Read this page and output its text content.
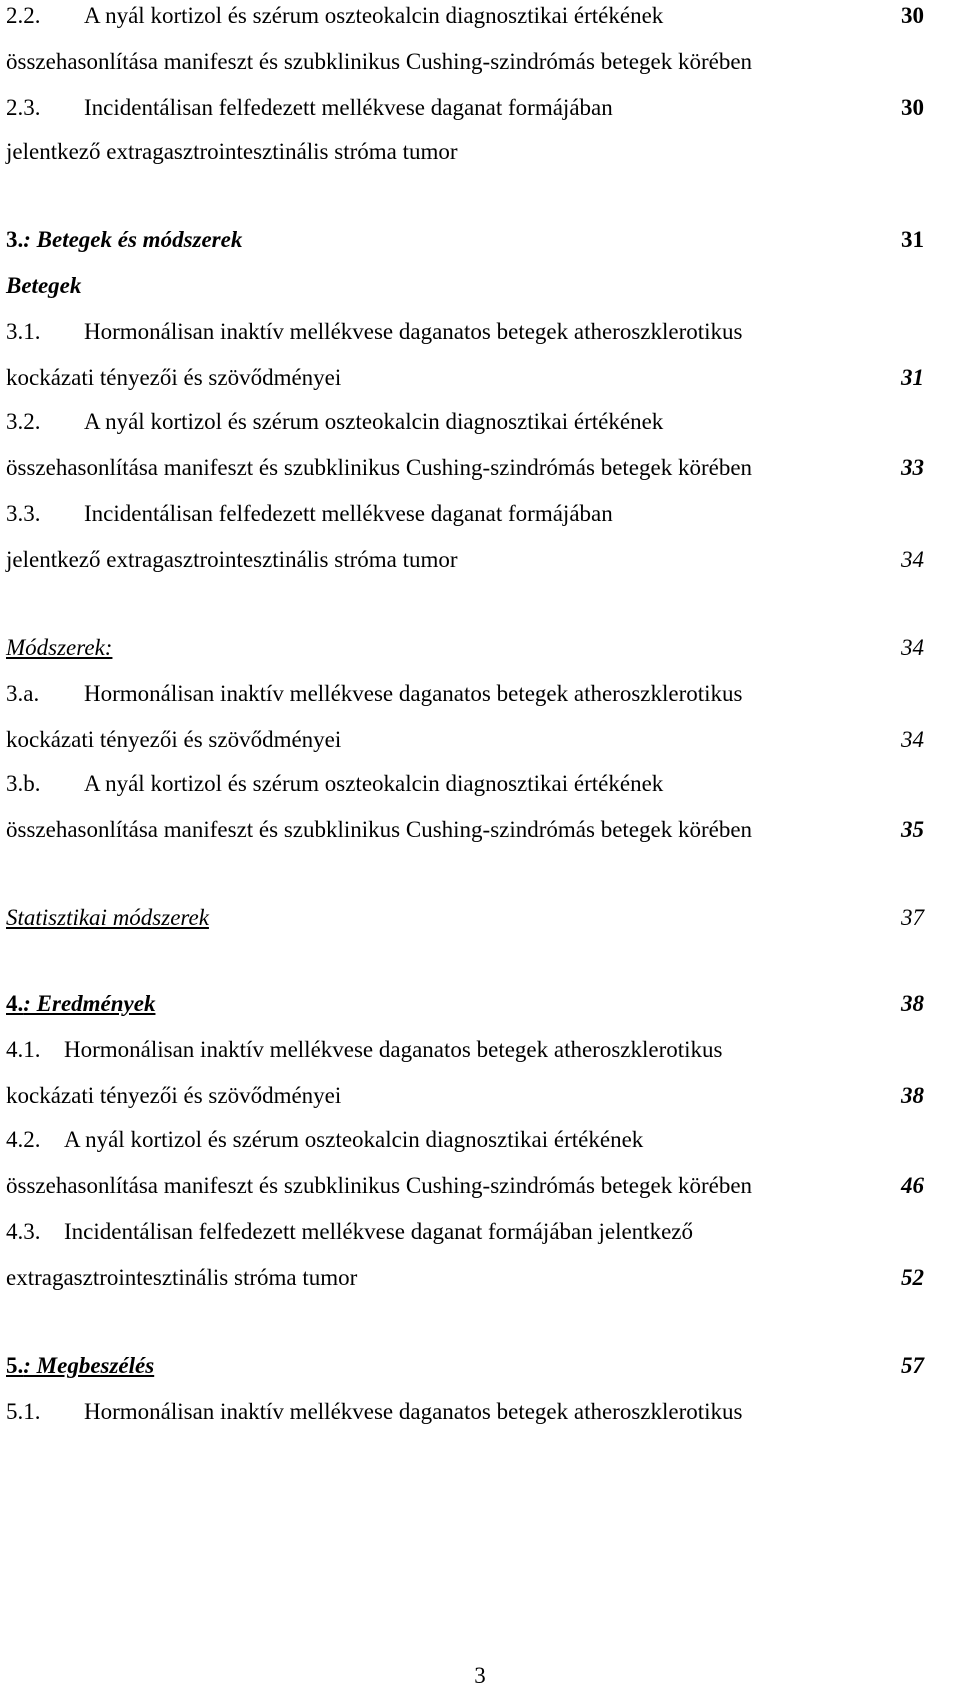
2.2. A nyál kortizol és szérum oszteokalcin diagnosztikai értékének	30
összehasonlítása manifeszt és szubklinikus Cushing-szindrómás betegek körében
2.3. Incidentálisan felfedezett mellékvese daganat formájában	30
jelentkező extragasztrointesztinális stróma tumor
3.: Betegek és módszerek	31
Betegek
3.1. Hormonálisan inaktív mellékvese daganatos betegek atheroszklerotikus
kockázati tényezői és szövődményei	31
3.2. A nyál kortizol és szérum oszteokalcin diagnosztikai értékének
összehasonlítása manifeszt és szubklinikus Cushing-szindrómás betegek körében	33
3.3. Incidentálisan felfedezett mellékvese daganat formájában
jelentkező extragasztrointesztinális stróma tumor	34
Módszerek:	34
3.a. Hormonálisan inaktív mellékvese daganatos betegek atheroszklerotikus
kockázati tényezői és szövődményei	34
3.b. A nyál kortizol és szérum oszteokalcin diagnosztikai értékének
összehasonlítása manifeszt és szubklinikus Cushing-szindrómás betegek körében	35
Statisztikai módszerek	37
4.: Eredmények	38
4.1. Hormonálisan inaktív mellékvese daganatos betegek atheroszklerotikus
kockázati tényezői és szövődményei	38
4.2. A nyál kortizol és szérum oszteokalcin diagnosztikai értékének
összehasonlítása manifeszt és szubklinikus Cushing-szindrómás betegek körében	46
4.3. Incidentálisan felfedezett mellékvese daganat formájában jelentkező
extragasztrointesztinális stróma tumor	52
5.: Megbeszélés	57
5.1. Hormonálisan inaktív mellékvese daganatos betegek atheroszklerotikus
3
